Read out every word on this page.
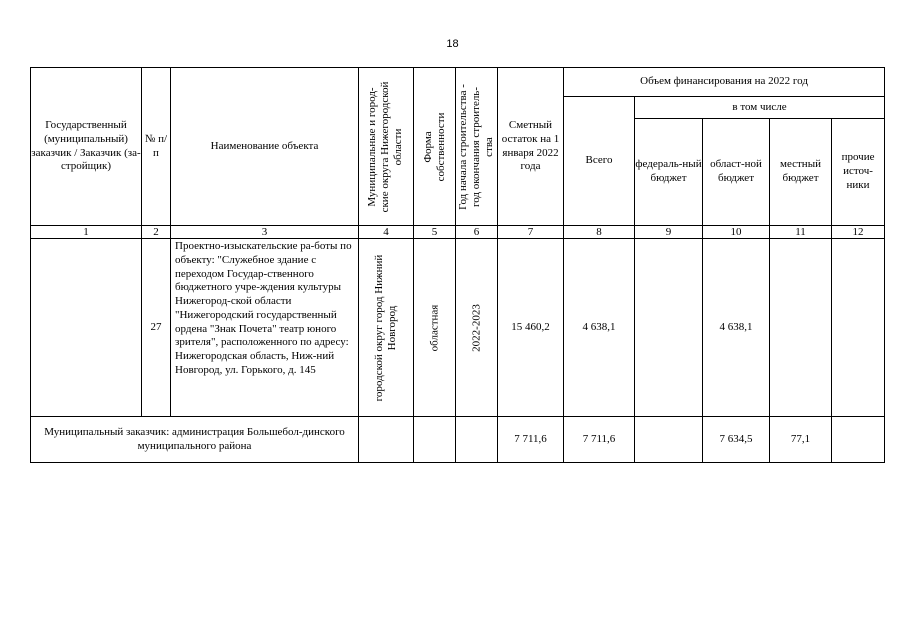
18
Государственный (муниципальный) заказчик / Заказчик (за-стройщик)	№ п/п	Наименование объекта	Муниципальные и город-
ские округа Нижегородской
области	Форма
собственности	Год начала строительства -
год окончания строитель-
ства	Сметный остаток на 1 января 2022 года	Объем финансирования на 2022 год				
							Всего	в том числе			
								федераль-ный бюджет	област-ной бюджет	местный бюджет	прочие источ-ники
1	2	3	4	5	6	7	8	9	10	11	12
	27	Проектно-изыскательские ра-боты по объекту: "Служебное здание с переходом Государ-ственного бюджетного учре-ждения культуры Нижегород-ской области "Нижегородский государственный ордена "Знак Почета" театр юного зрителя", расположенного по адресу: Нижегородская область, Ниж-ний Новгород, ул. Горького, д. 145	городской округ город Нижний
Новгород	областная	2022-2023	15 460,2	4 638,1		4 638,1		
Муниципальный заказчик: администрация Большебол-динского муниципального района						7 711,6	7 711,6		7 634,5	77,1	
